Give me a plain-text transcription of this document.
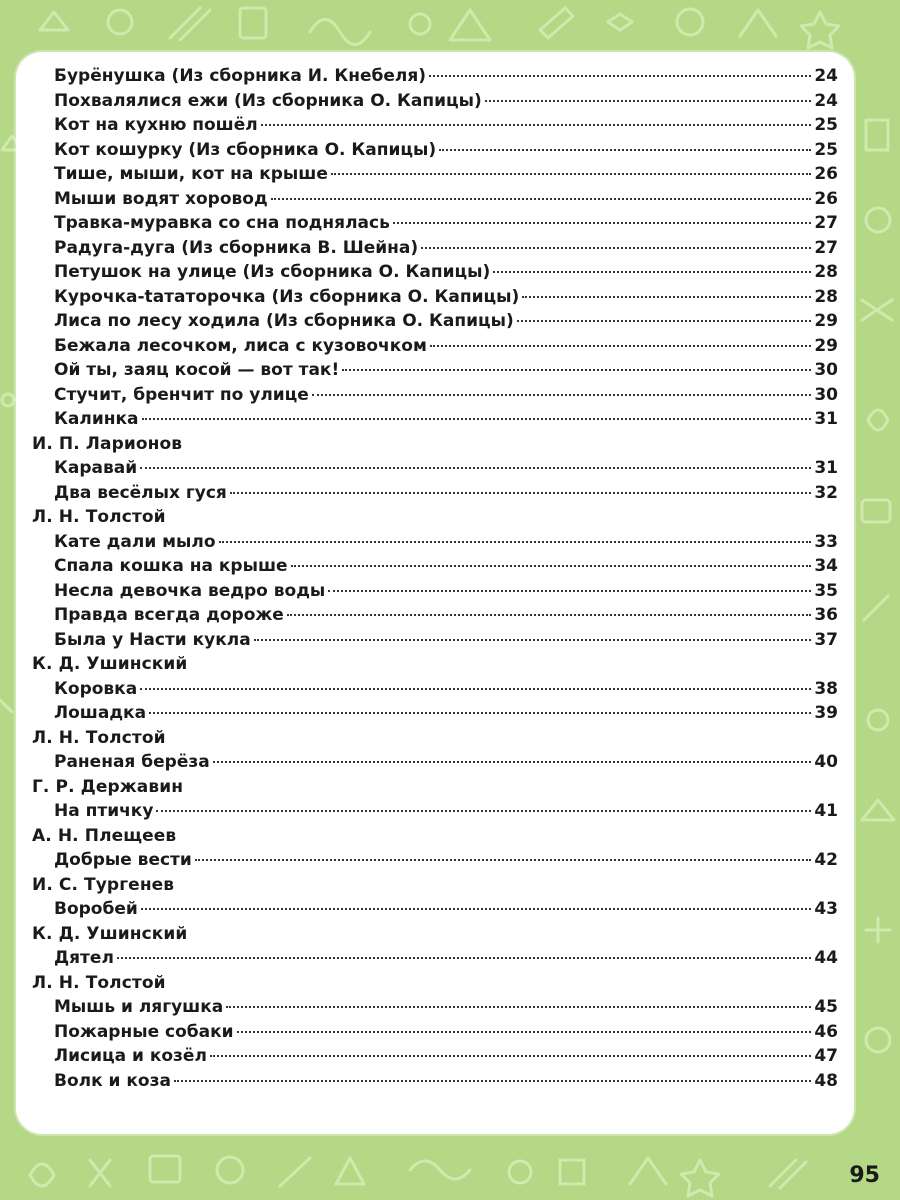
Бурёнушка (Из сборника И. Кнебеля)	24
Похвалялися ежи (Из сборника О. Капицы)	24
Кот на кухню пошёл	25
Кот кошурку (Из сборника О. Капицы)	25
Тише, мыши, кот на крыше	26
Мыши водят хоровод	26
Травка-муравка со сна поднялась	27
Радуга-дуга (Из сборника В. Шейна)	27
Петушок на улице (Из сборника О. Капицы)	28
Курочка-tататорочка (Из сборника О. Капицы)	28
Лиса по лесу ходила (Из сборника О. Капицы)	29
Бежала лесочком, лиса с кузовочком	29
Ой ты, заяц косой — вот так!	30
Стучит, бренчит по улице	30
Калинка	31
И. П. Ларионов
Каравай	31
Два весёлых гуся	32
Л. Н. Толстой
Кате дали мыло	33
Спала кошка на крыше	34
Несла девочка ведро воды	35
Правда всегда дороже	36
Была у Насти кукла	37
К. Д. Ушинский
Коровка	38
Лошадка	39
Л. Н. Толстой
Раненая берёза	40
Г. Р. Державин
На птичку	41
А. Н. Плещеев
Добрые вести	42
И. С. Тургенев
Воробей	43
К. Д. Ушинский
Дятел	44
Л. Н. Толстой
Мышь и лягушка	45
Пожарные собаки	46
Лисица и козёл	47
Волк и коза	48
95
